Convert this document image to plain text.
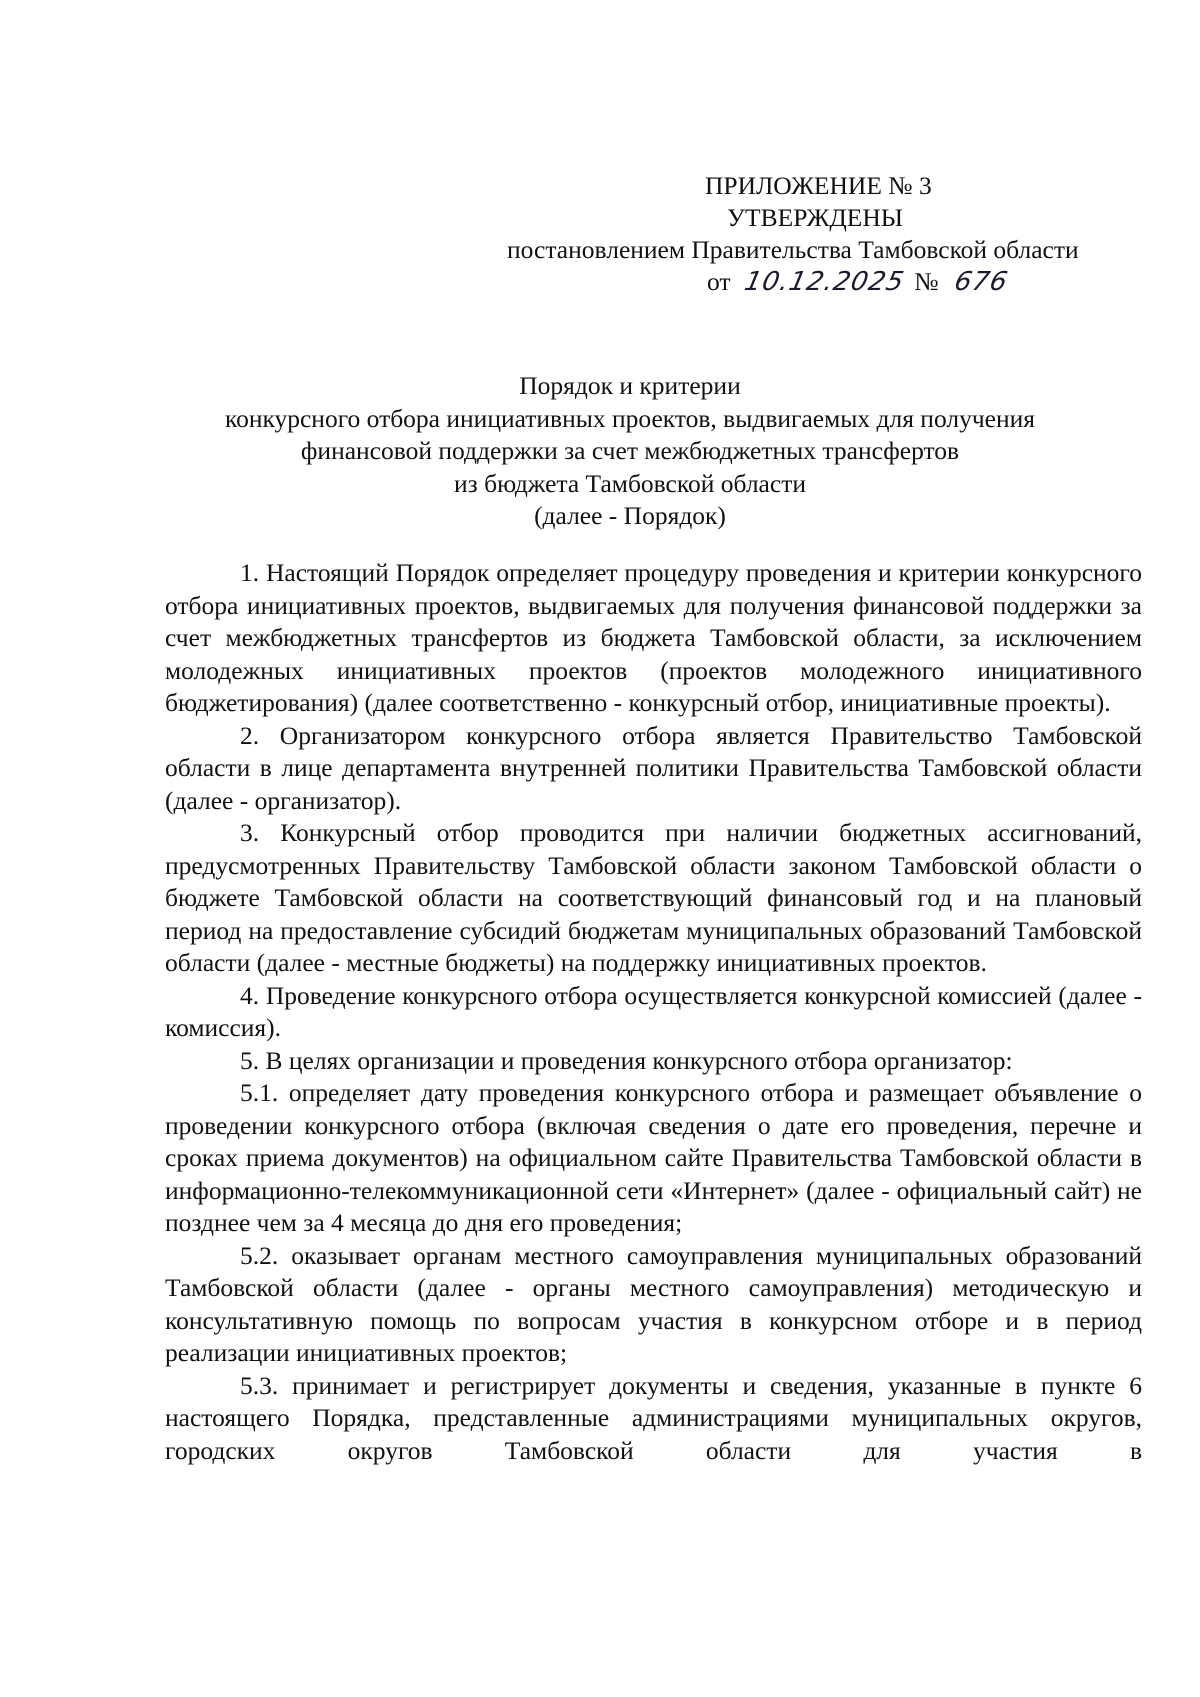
ПРИЛОЖЕНИЕ № 3
УТВЕРЖДЕНЫ
постановлением Правительства Тамбовской области
от 10.12.2025 № 676
Порядок и критерии
конкурсного отбора инициативных проектов, выдвигаемых для получения
финансовой поддержки за счет межбюджетных трансфертов
из бюджета Тамбовской области
(далее - Порядок)

1. Настоящий Порядок определяет процедуру проведения и критерии конкурсного отбора инициативных проектов, выдвигаемых для получения финансовой поддержки за счет межбюджетных трансфертов из бюджета Тамбовской области, за исключением молодежных инициативных проектов (проектов молодежного инициативного бюджетирования) (далее соответственно - конкурсный отбор, инициативные проекты).

2. Организатором конкурсного отбора является Правительство Тамбовской области в лице департамента внутренней политики Правительства Тамбовской области (далее - организатор).

3. Конкурсный отбор проводится при наличии бюджетных ассигнований, предусмотренных Правительству Тамбовской области законом Тамбовской области о бюджете Тамбовской области на соответствующий финансовый год и на плановый период на предоставление субсидий бюджетам муниципальных образований Тамбовской области (далее - местные бюджеты) на поддержку инициативных проектов.

4. Проведение конкурсного отбора осуществляется конкурсной комиссией (далее - комиссия).

5. В целях организации и проведения конкурсного отбора организатор:

5.1. определяет дату проведения конкурсного отбора и размещает объявление о проведении конкурсного отбора (включая сведения о дате его проведения, перечне и сроках приема документов) на официальном сайте Правительства Тамбовской области в информационно-телекоммуникационной сети «Интернет» (далее - официальный сайт) не позднее чем за 4 месяца до дня его проведения;

5.2. оказывает органам местного самоуправления муниципальных образований Тамбовской области (далее - органы местного самоуправления) методическую и консультативную помощь по вопросам участия в конкурсном отборе и в период реализации инициативных проектов;

5.3. принимает и регистрирует документы и сведения, указанные в пункте 6 настоящего Порядка, представленные администрациями муниципальных округов, городских округов Тамбовской области для участия в
